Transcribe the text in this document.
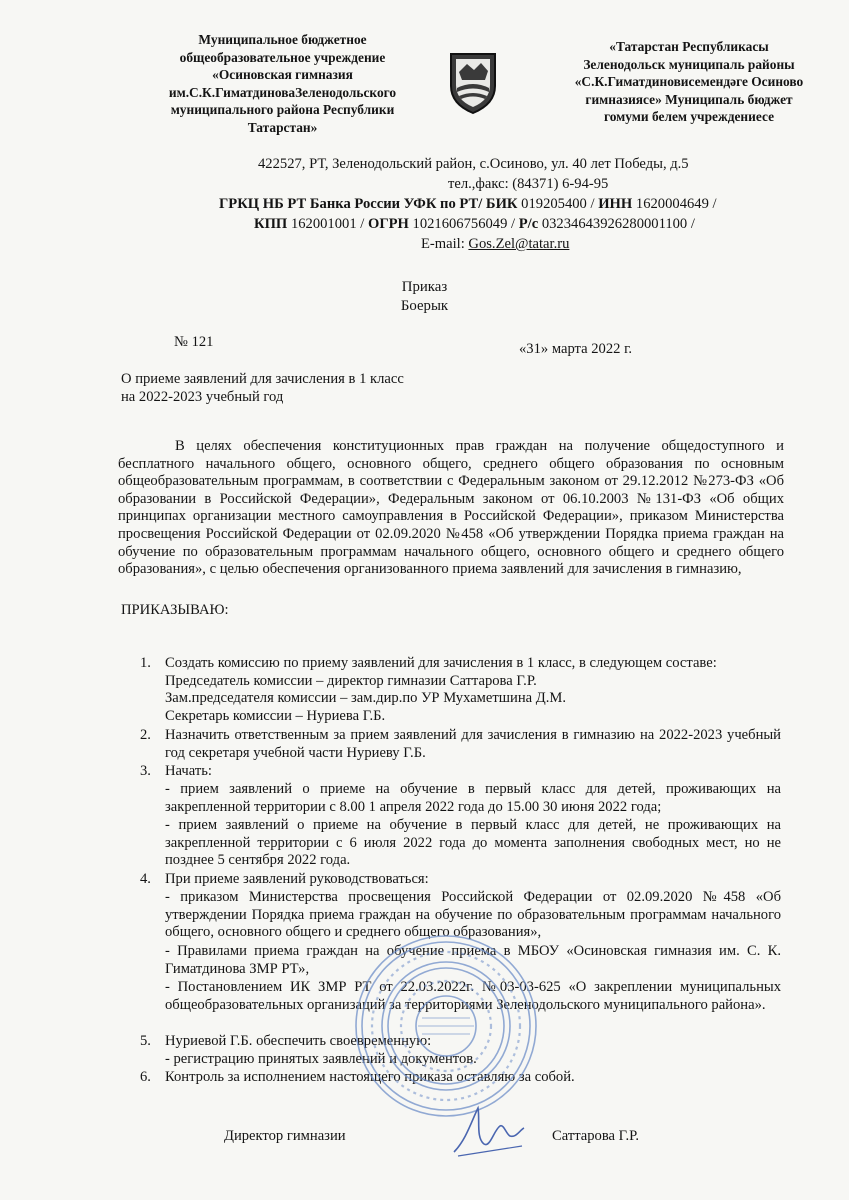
Муниципальное бюджетное
общеобразовательное учреждение
«Осиновская гимназия
им.С.К.ГиматдиноваЗеленодольского
муниципального района Республики
Татарстан»
«Татарстан Республикасы
Зеленодольск муниципаль районы
«С.К.Гиматдиновисемендәге Осиново
гимназиясе» Муниципаль бюджет
гомуми белем учреждениесе
422527, РТ, Зеленодольский район, с.Осиново, ул. 40 лет Победы, д.5
тел.,факс: (84371) 6-94-95
ГРКЦ НБ РТ Банка России УФК по РТ/ БИК 019205400 / ИНН 1620004649 /
КПП 162001001 / ОГРН 1021606756049 / Р/с 03234643926280001100 /
E-mail: Gos.Zel@tatar.ru
Приказ
Боерык
№ 121	«31» марта 2022 г.
О приеме заявлений для зачисления в 1 класс
на 2022-2023 учебный год
В целях обеспечения конституционных прав граждан на получение общедоступного и бесплатного начального общего, основного общего, среднего общего образования по основным общеобразовательным программам, в соответствии с Федеральным законом от 29.12.2012 №273-ФЗ «Об образовании в Российской Федерации», Федеральным законом от 06.10.2003 №131-ФЗ «Об общих принципах организации местного самоуправления в Российской Федерации», приказом Министерства просвещения Российской Федерации от 02.09.2020 №458 «Об утверждении Порядка приема граждан на обучение по образовательным программам начального общего, основного общего и среднего общего образования», с целью обеспечения организованного приема заявлений для зачисления в гимназию,
ПРИКАЗЫВАЮ:
1. Создать комиссию по приему заявлений для зачисления в 1 класс, в следующем составе:
Председатель комиссии – директор гимназии Саттарова Г.Р.
Зам.председателя комиссии – зам.дир.по УР Мухаметшина Д.М.
Секретарь комиссии – Нуриева Г.Б.
2. Назначить ответственным за прием заявлений для зачисления в гимназию на 2022-2023 учебный год секретаря учебной части Нуриеву Г.Б.
3. Начать:
- прием заявлений о приеме на обучение в первый класс для детей, проживающих на закрепленной территории с 8.00 1 апреля 2022 года до 15.00 30 июня 2022 года;
- прием заявлений о приеме на обучение в первый класс для детей, не проживающих на закрепленной территории с 6 июля 2022 года до момента заполнения свободных мест, но не позднее 5 сентября 2022 года.
4. При приеме заявлений руководствоваться:
- приказом Министерства просвещения Российской Федерации от 02.09.2020 №458 «Об утверждении Порядка приема граждан на обучение по образовательным программам начального общего, основного общего и среднего общего образования»,
- Правилами приема граждан на обучение приема в МБОУ «Осиновская гимназия им. С. К. Гиматдинова ЗМР РТ»,
- Постановлением ИК ЗМР РТ от 22.03.2022г. №03-03-625 «О закреплении муниципальных общеобразовательных организаций за территориями Зеленодольского муниципального района».
5. Нуриевой Г.Б. обеспечить своевременную:
- регистрацию принятых заявлений и документов.
6. Контроль за исполнением настоящего приказа оставляю за собой.
Директор гимназии	Саттарова Г.Р.
